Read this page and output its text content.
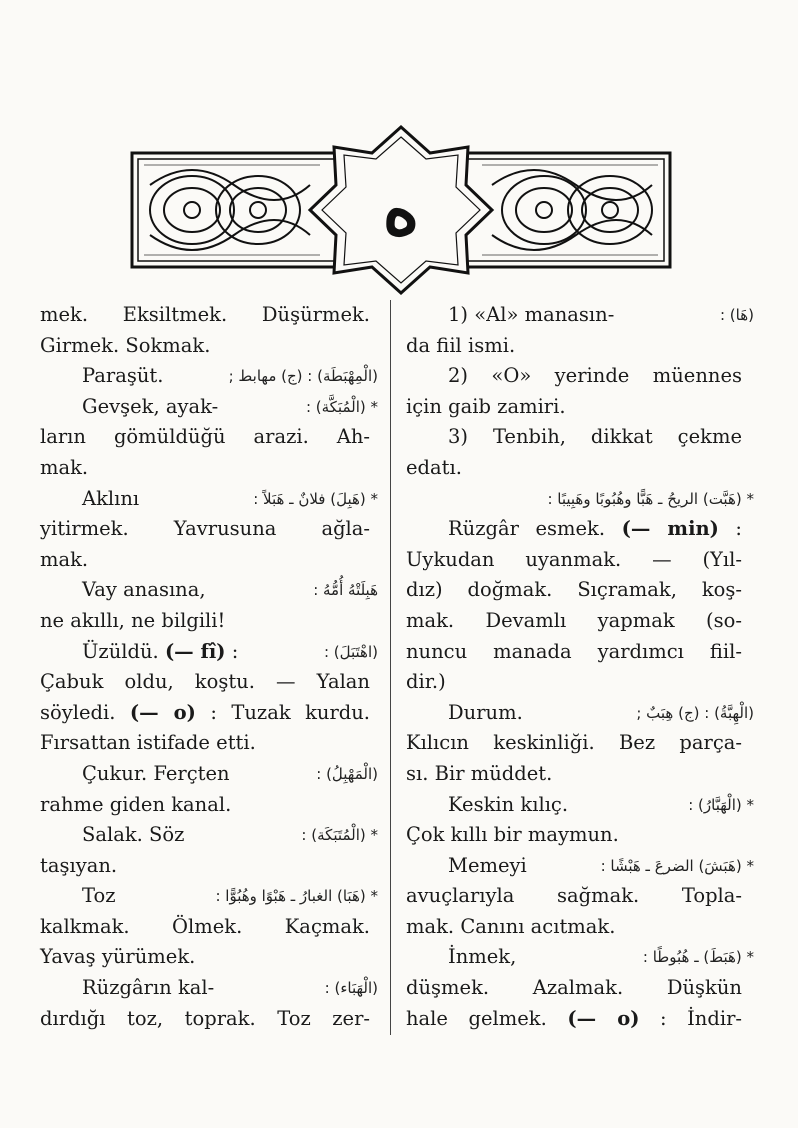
ه
mek. Eksiltmek. Düşürmek.
Girmek. Sokmak.
Paraşüt.	(الْمِهْبَطَة) : (ج) مهابط ;
Gevşek, ayak-	* (الْمُبَكَّة) :
ların gömüldüğü arazi. Ah-
mak.
Aklını	* (هَبِلَ) فلانٌ ـ هَبَلاً :
yitirmek. Yavrusuna ağla-
mak.
Vay anasına,	هَبِلَتْهُ أُمُّهُ :
ne akıllı, ne bilgili!
Üzüldü. (— fî) :	(اهْتَبَلَ) :
Çabuk oldu, koştu. — Yalan
söyledi. (— o) : Tuzak kurdu.
Fırsattan istifade etti.
Çukur. Ferçten	(الْمَهْبِلُ) :
rahme giden kanal.
Salak. Söz	* (الْمُتَبَكَة) :
taşıyan.
Toz	* (هَبَا) الغبارُ ـ هَبْوًا وهُبُوًّا :
kalkmak. Ölmek. Kaçmak.
Yavaş yürümek.
Rüzgârın kal-	(الْهَبَاء) :
dırdığı toz, toprak. Toz zer-
1) «Al» manasın-	(هَا) :
da fiil ismi.
2) «O» yerinde müennes
için gaib zamiri.
3) Tenbih, dikkat çekme
edatı.
* (هَبَّت) الريحُ ـ هَبًّا وهُبُوبًا وهَبِيبًا :
Rüzgâr esmek. (— min) :
Uykudan uyanmak. — (Yıl-
dız) doğmak. Sıçramak, koş-
mak. Devamlı yapmak (so-
nuncu manada yardımcı fiil-
dir.)
Durum.	(الْهِبَّةُ) : (ج) هِبَبٌ ;
Kılıcın keskinliği. Bez parça-
sı. Bir müddet.
Keskin kılıç.	* (الْهَبَّارُ) :
Çok kıllı bir maymun.
Memeyi	* (هَبَشَ) الضرعَ ـ هَبْشًا :
avuçlarıyla sağmak. Topla-
mak. Canını acıtmak.
İnmek,	* (هَبَطَ) ـ هُبُوطًا :
düşmek. Azalmak. Düşkün
hale gelmek. (— o) : İndir-
